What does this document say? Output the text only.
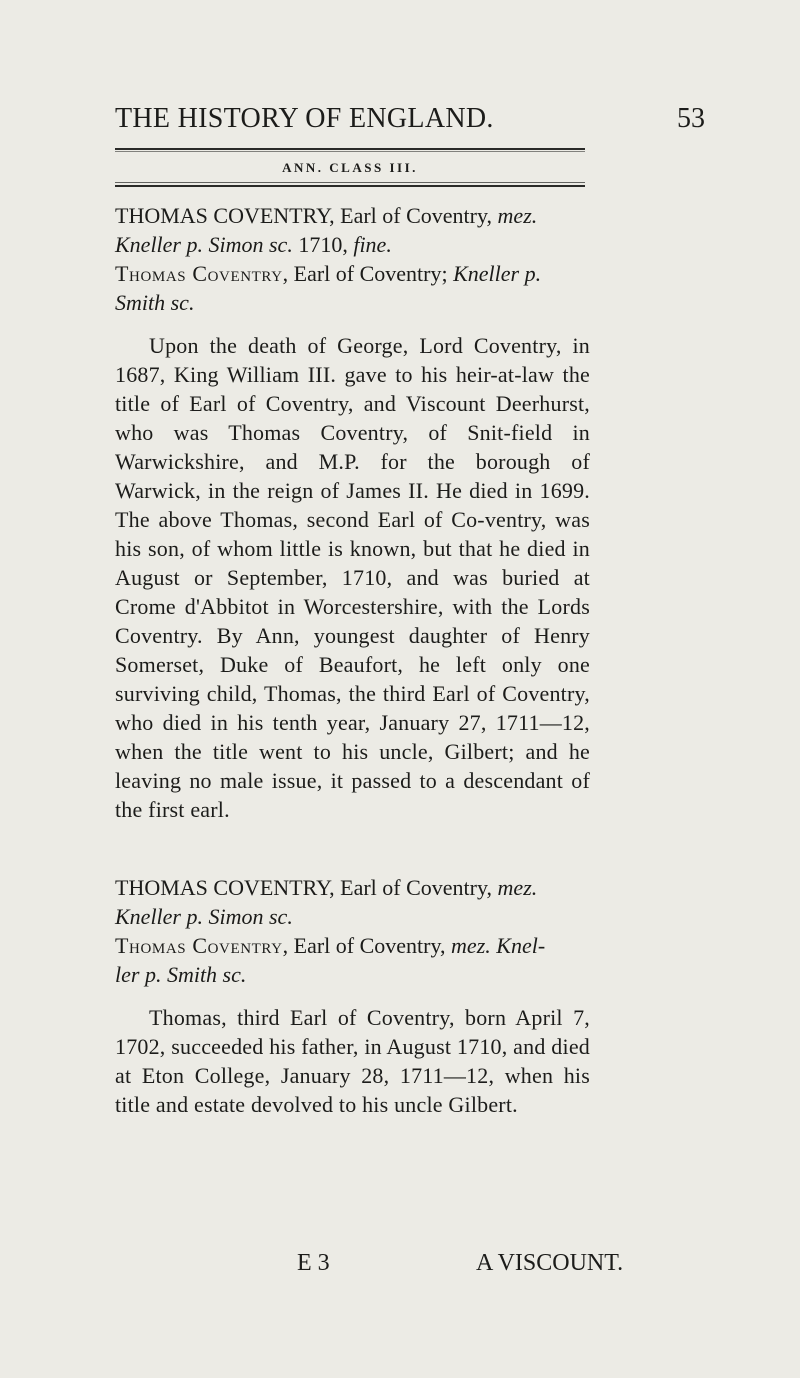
THE HISTORY OF ENGLAND.	53
ANN. CLASS III.
THOMAS COVENTRY, Earl of Coventry, mez.
Kneller p. Simon sc. 1710, fine.
Thomas Coventry, Earl of Coventry; Kneller p.
Smith sc.

Upon the death of George, Lord Coventry, in 1687, King William III. gave to his heir-at-law the title of Earl of Coventry, and Viscount Deerhurst, who was Thomas Coventry, of Snit-field in Warwickshire, and M.P. for the borough of Warwick, in the reign of James II. He died in 1699. The above Thomas, second Earl of Co-ventry, was his son, of whom little is known, but that he died in August or September, 1710, and was buried at Crome d'Abbitot in Worcestershire, with the Lords Coventry. By Ann, youngest daughter of Henry Somerset, Duke of Beaufort, he left only one surviving child, Thomas, the third Earl of Coventry, who died in his tenth year, January 27, 1711—12, when the title went to his uncle, Gilbert; and he leaving no male issue, it passed to a descendant of the first earl.

THOMAS COVENTRY, Earl of Coventry, mez.
Kneller p. Simon sc.
Thomas Coventry, Earl of Coventry, mez. Knel-
ler p. Smith sc.

Thomas, third Earl of Coventry, born April 7, 1702, succeeded his father, in August 1710, and died at Eton College, January 28, 1711—12, when his title and estate devolved to his uncle Gilbert.

E 3	A VISCOUNT.
